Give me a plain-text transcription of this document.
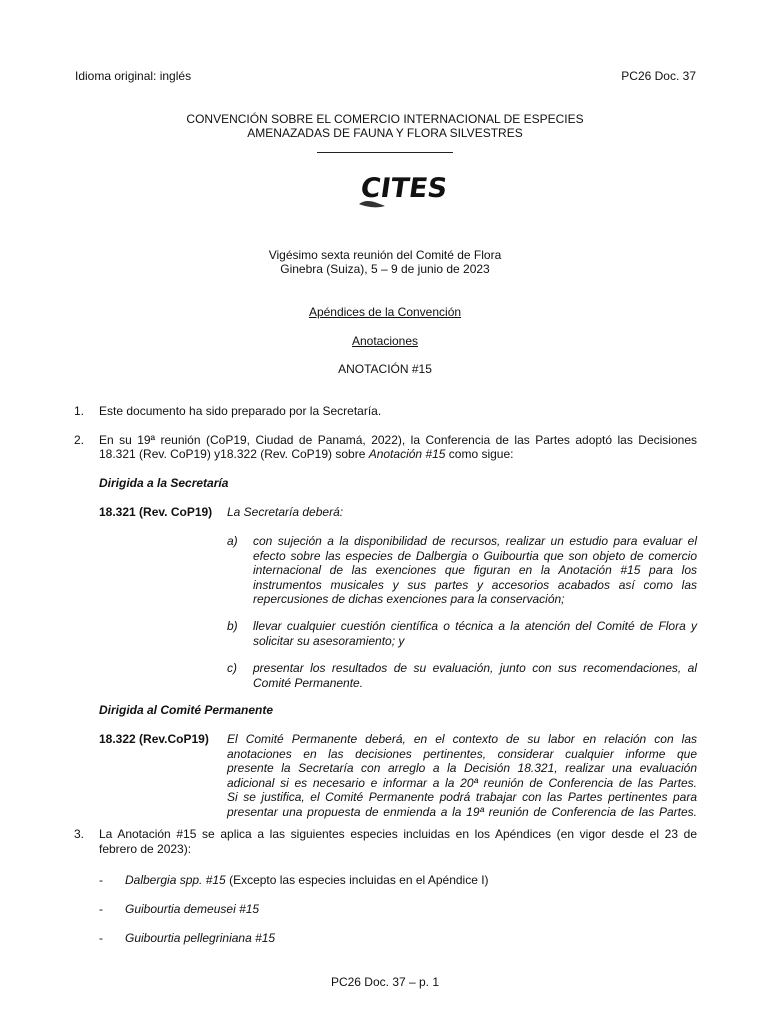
Idioma original: inglés	PC26 Doc. 37
CONVENCIÓN SOBRE EL COMERCIO INTERNACIONAL DE ESPECIES
AMENAZADAS DE FAUNA Y FLORA SILVESTRES
CITES
Vigésimo sexta reunión del Comité de Flora
Ginebra (Suiza), 5 – 9 de junio de 2023
Apéndices de la Convención
Anotaciones
ANOTACIÓN #15
1. Este documento ha sido preparado por la Secretaría.
2. En su 19ª reunión (CoP19, Ciudad de Panamá, 2022), la Conferencia de las Partes adoptó las Decisiones
18.321 (Rev. CoP19) y18.322 (Rev. CoP19) sobre Anotación #15 como sigue:
Dirigida a la Secretaría
18.321 (Rev. CoP19) La Secretaría deberá:
a) con sujeción a la disponibilidad de recursos, realizar un estudio para evaluar el
efecto sobre las especies de Dalbergia o Guibourtia que son objeto de comercio
internacional de las exenciones que figuran en la Anotación #15 para los
instrumentos musicales y sus partes y accesorios acabados así como las
repercusiones de dichas exenciones para la conservación;
b) llevar cualquier cuestión científica o técnica a la atención del Comité de Flora y
solicitar su asesoramiento; y
c) presentar los resultados de su evaluación, junto con sus recomendaciones, al
Comité Permanente.
Dirigida al Comité Permanente
18.322 (Rev.CoP19) El Comité Permanente deberá, en el contexto de su labor en relación con las
anotaciones en las decisiones pertinentes, considerar cualquier informe que
presente la Secretaría con arreglo a la Decisión 18.321, realizar una evaluación
adicional si es necesario e informar a la 20ª reunión de Conferencia de las Partes.
Si se justifica, el Comité Permanente podrá trabajar con las Partes pertinentes para
presentar una propuesta de enmienda a la 19ª reunión de Conferencia de las Partes.
3. La Anotación #15 se aplica a las siguientes especies incluidas en los Apéndices (en vigor desde el 23 de
febrero de 2023):
- Dalbergia spp. #15 (Excepto las especies incluidas en el Apéndice I)
- Guibourtia demeusei #15
- Guibourtia pellegriniana #15
PC26 Doc. 37 – p. 1
